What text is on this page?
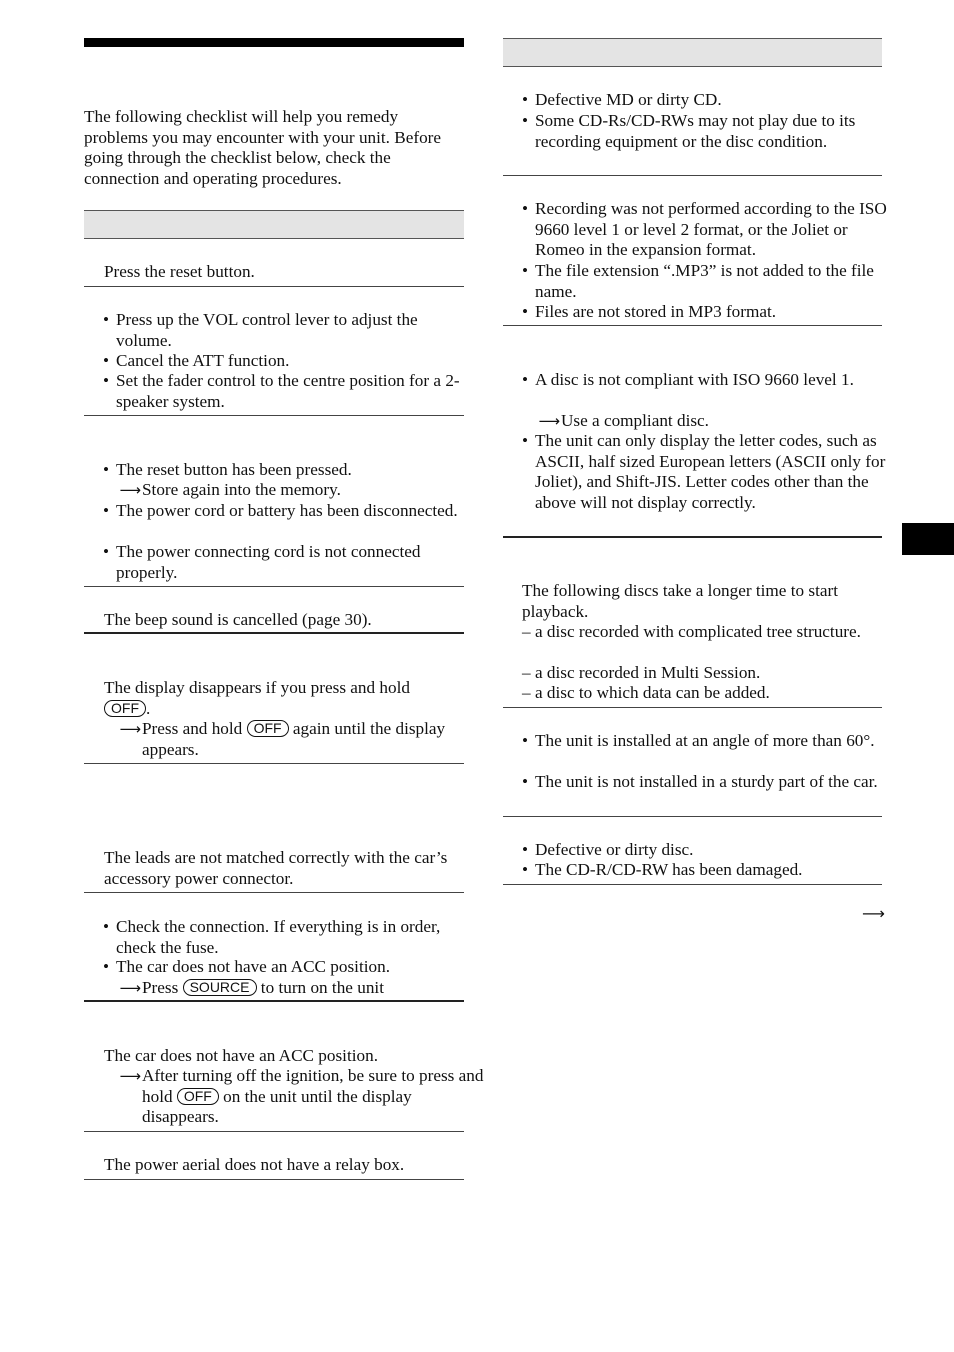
The following checklist will help you remedy problems you may encounter with your unit. Before going through the checklist below, check the connection and operating procedures.

Press the reset button.

• Press up the VOL control lever to adjust the volume.

• Cancel the ATT function.

• Set the fader control to the centre position for a 2-speaker system.

• The reset button has been pressed.

⟶Store again into the memory.

• The power cord or battery has been disconnected.

• The power connecting cord is not connected properly.

The beep sound is cancelled (page 30).

The display disappears if you press and hold
OFF .

⟶Press and hold OFF again until the display appears.

The leads are not matched correctly with the car’s accessory power connector.

• Check the connection. If everything is in order, check the fuse.

• The car does not have an ACC position.

⟶Press SOURCE to turn on the unit

The car does not have an ACC position.

⟶After turning off the ignition, be sure to press and hold OFF on the unit until the display disappears.

The power aerial does not have a relay box.

• Defective MD or dirty CD.

• Some CD-Rs/CD-RWs may not play due to its recording equipment or the disc condition.

• Recording was not performed according to the ISO 9660 level 1 or level 2 format, or the Joliet or Romeo in the expansion format.

• The file extension “.MP3” is not added to the file name.

• Files are not stored in MP3 format.

• A disc is not compliant with ISO 9660 level 1.

⟶Use a compliant disc.

• The unit can only display the letter codes, such as ASCII, half sized European letters (ASCII only for Joliet), and Shift-JIS. Letter codes other than the above will not display correctly.

The following discs take a longer time to start playback.

– a disc recorded with complicated tree structure.

– a disc recorded in Multi Session.

– a disc to which data can be added.

• The unit is installed at an angle of more than 60°.

• The unit is not installed in a sturdy part of the car.

• Defective or dirty disc.

• The CD-R/CD-RW has been damaged.

⟶
